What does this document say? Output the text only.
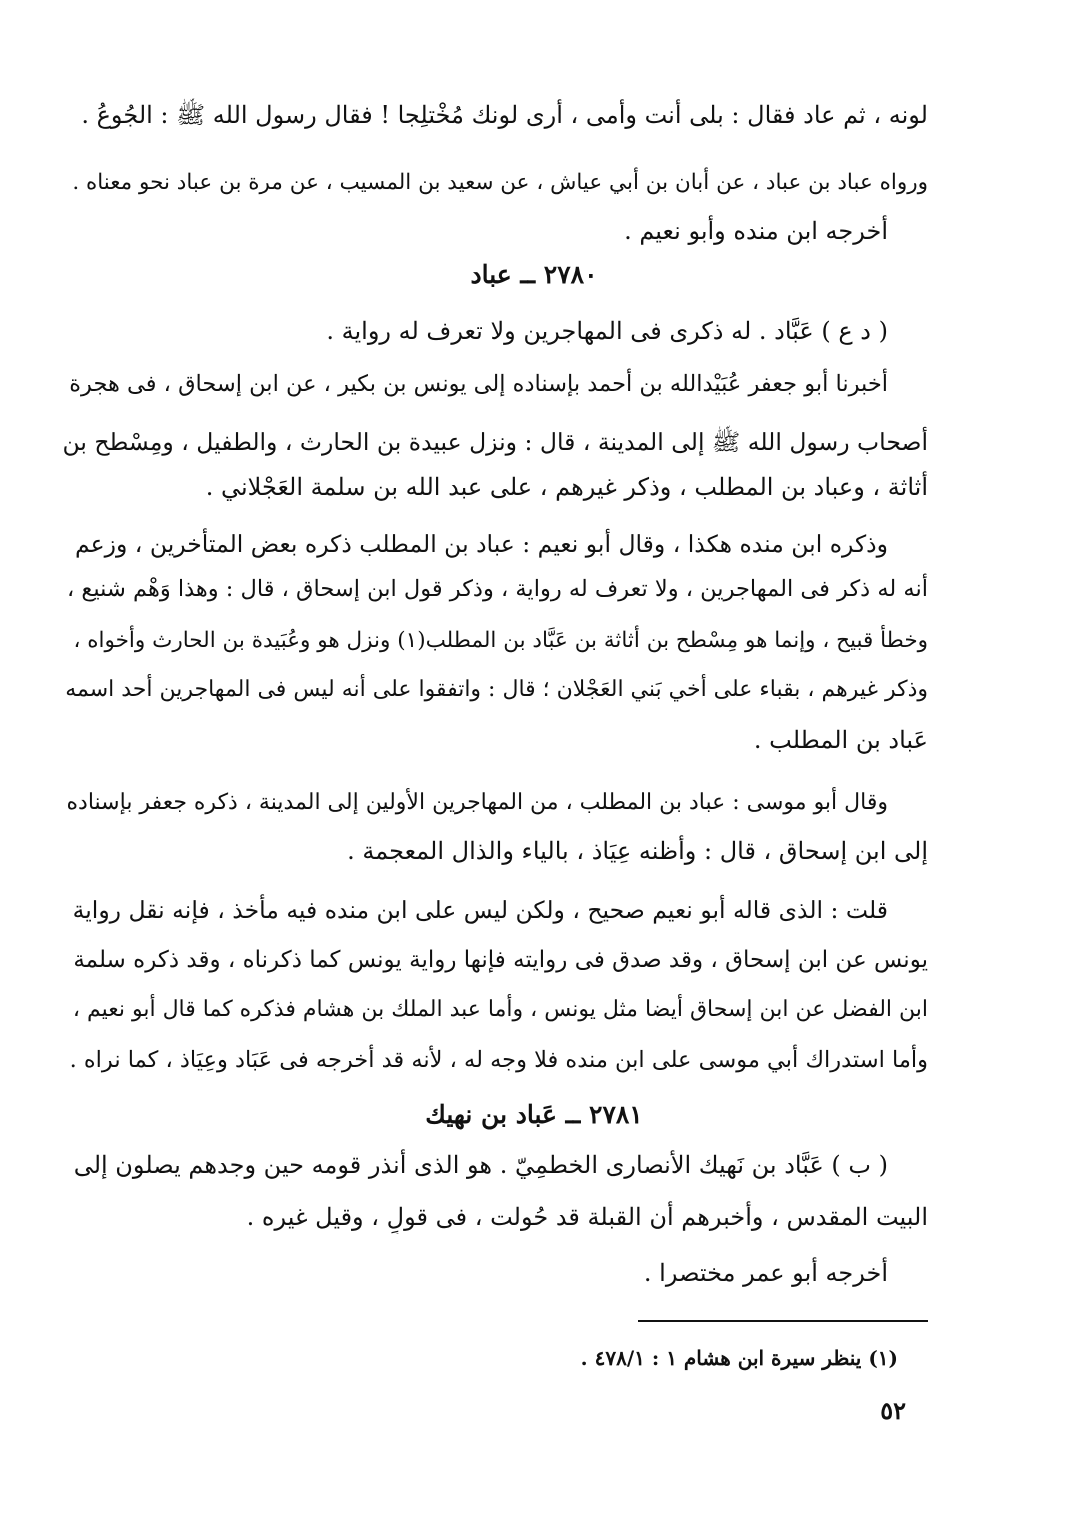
لونه ، ثم عاد فقال : بلى أنت وأمى ، أرى لونك مُخْتلِجا ! فقال رسول الله ﷺ : الجُوعُ .
ورواه عباد بن عباد ، عن أبان بن أبي عياش ، عن سعيد بن المسيب ، عن مرة بن عباد نحو معناه .
أخرجه ابن منده وأبو نعيم .
٢٧٨٠ ــ عباد
( د ع ) عَبَّاد . له ذكرى فى المهاجرين ولا تعرف له رواية .
أخبرنا أبو جعفر عُبَيْدالله بن أحمد بإسناده إلى يونس بن بكير ، عن ابن إسحاق ، فى هجرة
أصحاب رسول الله ﷺ إلى المدينة ، قال : ونزل عبيدة بن الحارث ، والطفيل ، ومِسْطح بن
أثاثة ، وعباد بن المطلب ، وذكر غيرهم ، على عبد الله بن سلمة العَجْلاني .
وذكره ابن منده هكذا ، وقال أبو نعيم : عباد بن المطلب ذكره بعض المتأخرين ، وزعم
أنه له ذكر فى المهاجرين ، ولا تعرف له رواية ، وذكر قول ابن إسحاق ، قال : وهذا وَهْم شنيع ،
وخطأ قبيح ، وإنما هو مِسْطح بن أثاثة بن عَبَّاد بن المطلب(١) ونزل هو وعُبَيدة بن الحارث وأخواه ،
وذكر غيرهم ، بقباء على أخي بَني العَجْلان ؛ قال : واتفقوا على أنه ليس فى المهاجرين أحد اسمه
عَباد بن المطلب .
وقال أبو موسى : عباد بن المطلب ، من المهاجرين الأولين إلى المدينة ، ذكره جعفر بإسناده
إلى ابن إسحاق ، قال : وأظنه عِيَاذ ، بالياء والذال المعجمة .
قلت : الذى قاله أبو نعيم صحيح ، ولكن ليس على ابن منده فيه مأخذ ، فإنه نقل رواية
يونس عن ابن إسحاق ، وقد صدق فى روايته فإنها رواية يونس كما ذكرناه ، وقد ذكره سلمة
ابن الفضل عن ابن إسحاق أيضا مثل يونس ، وأما عبد الملك بن هشام فذكره كما قال أبو نعيم ،
وأما استدراك أبي موسى على ابن منده فلا وجه له ، لأنه قد أخرجه فى عَبَاد وعِيَاذ ، كما نراه .
٢٧٨١ ــ عَباد بن نهيك
( ب ) عَبَّاد بن نَهيك الأنصارى الخطمِيّ . هو الذى أنذر قومه حين وجدهم يصلون إلى
البيت المقدس ، وأخبرهم أن القبلة قد حُولت ، فى قولٍ ، وقيل غيره .
أخرجه أبو عمر مختصرا .
(١) ينظر سيرة ابن هشام ١ : ٤٧٨/١ .
٥٢
